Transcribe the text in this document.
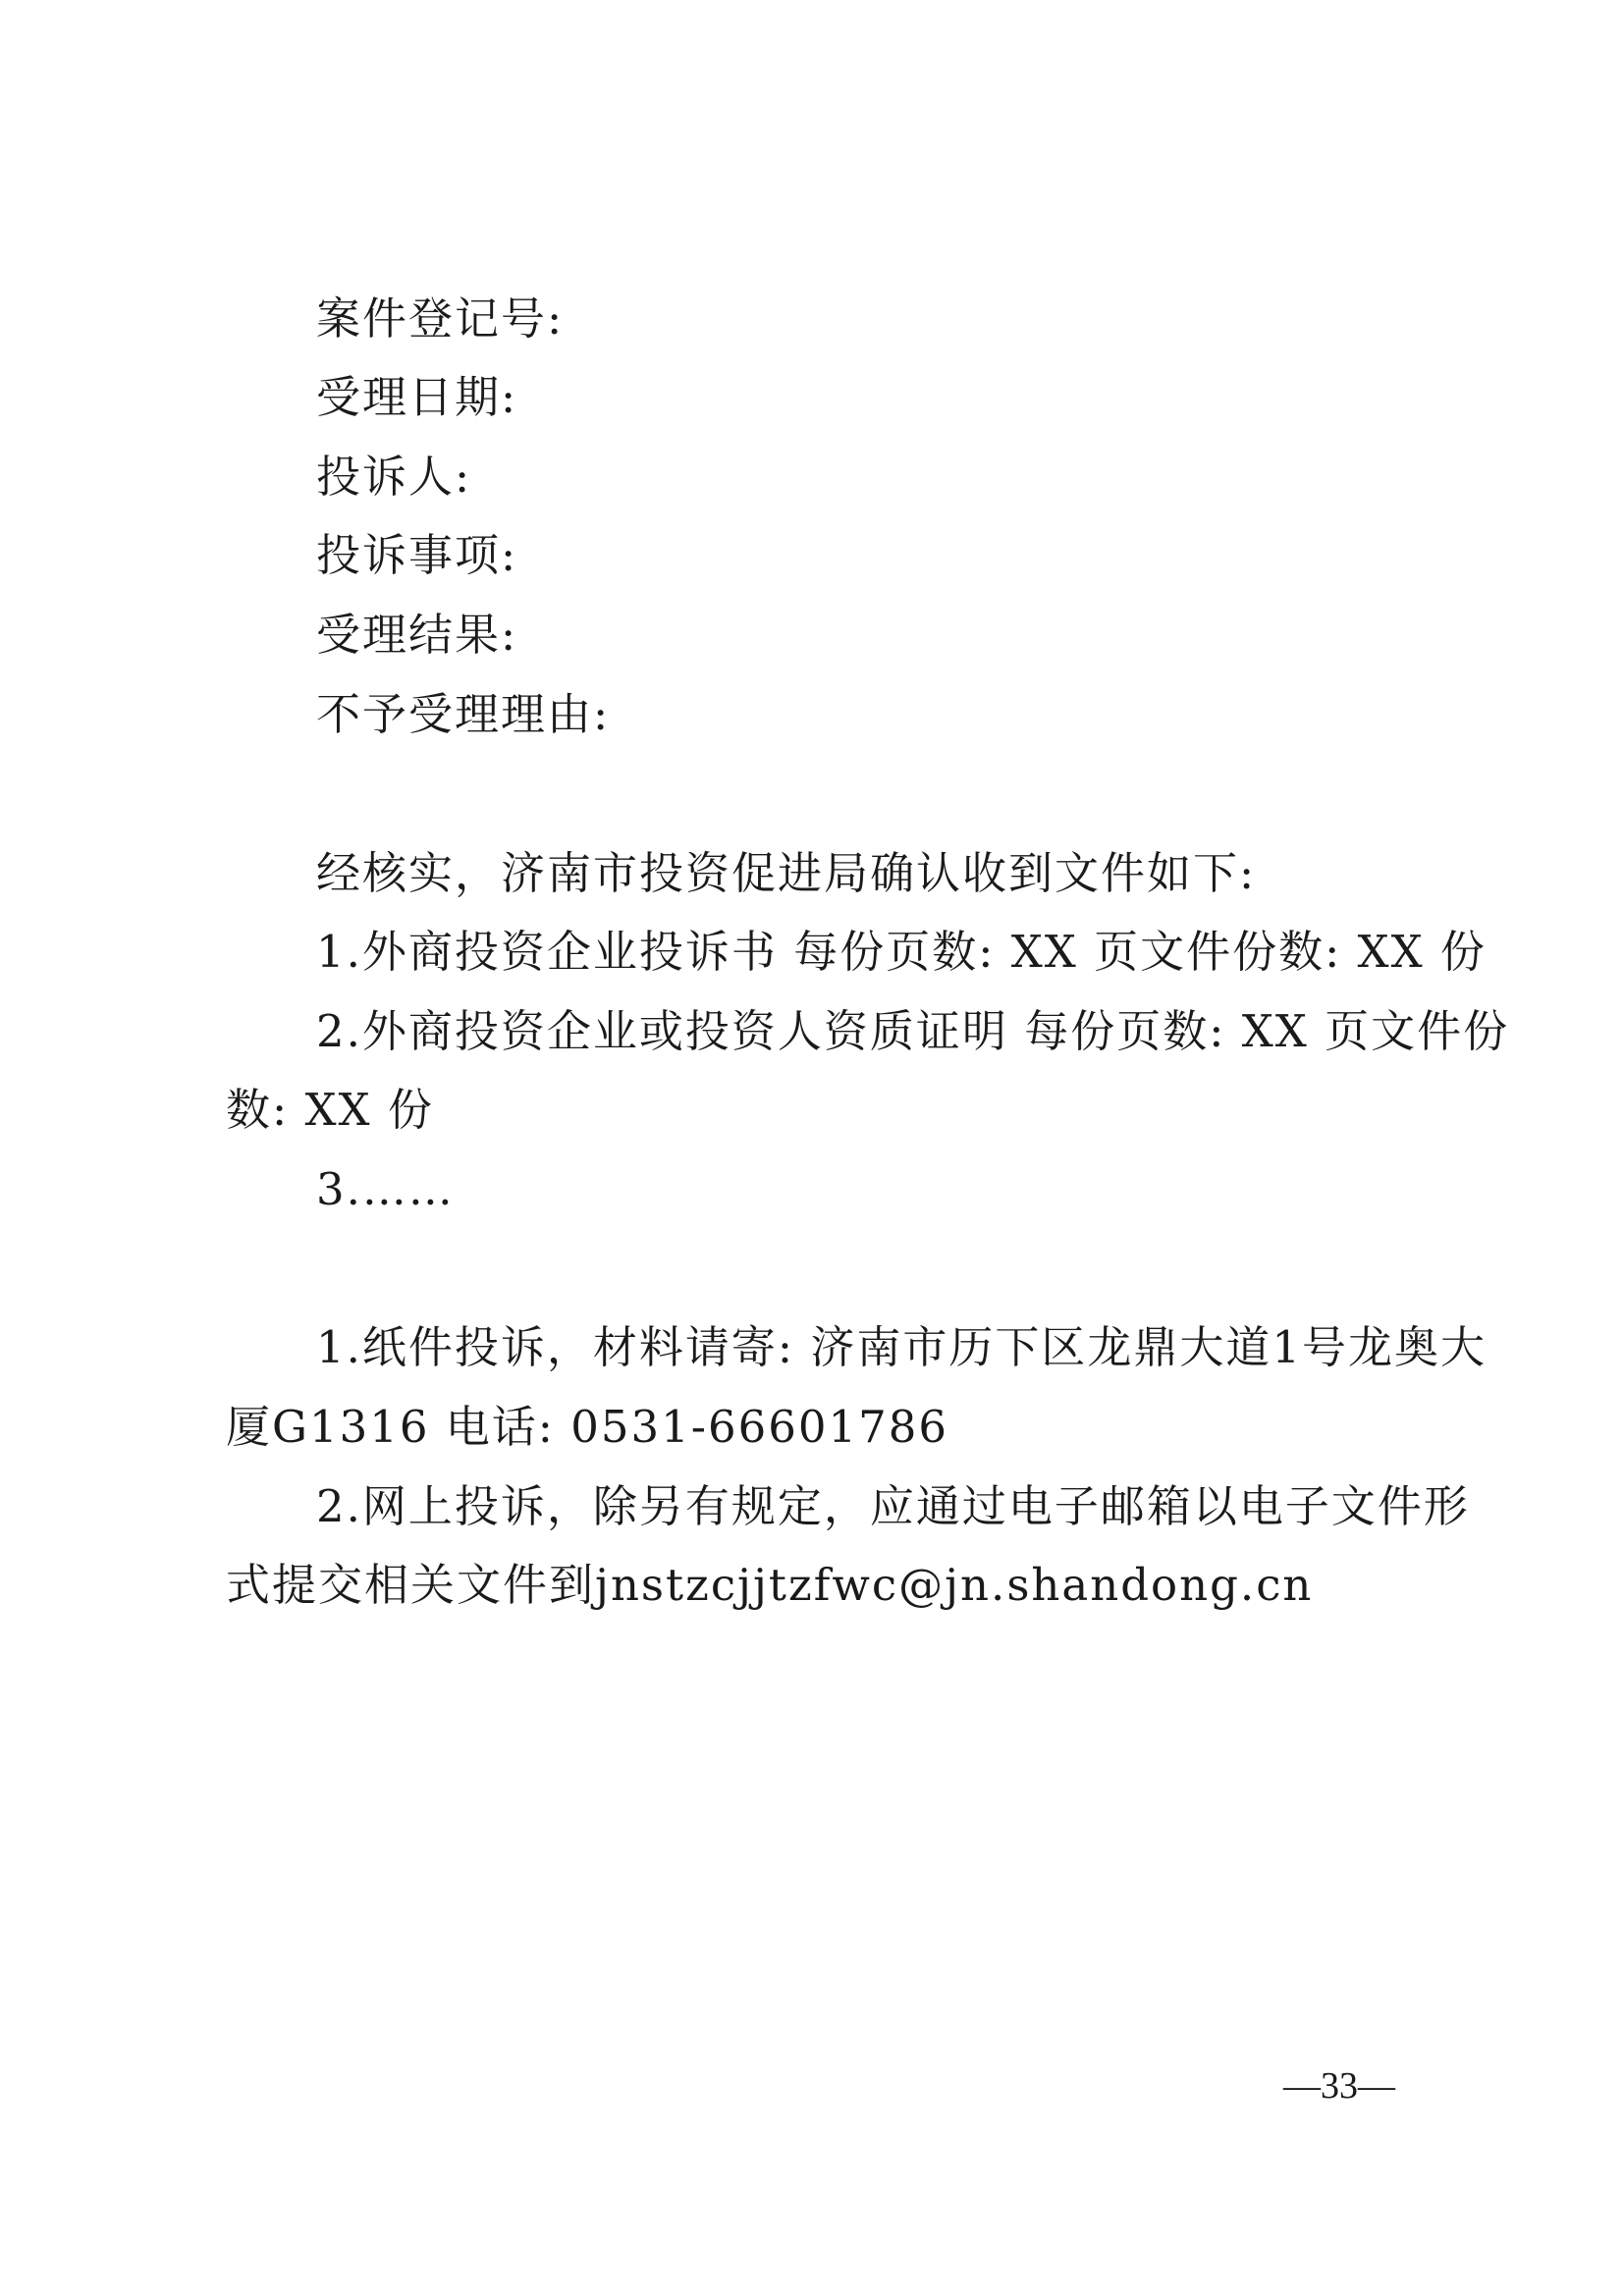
案件登记号:
受理日期:
投诉人:
投诉事项:
受理结果:
不予受理理由:
经核实，济南市投资促进局确认收到文件如下:
1.外商投资企业投诉书 每份页数: XX 页文件份数: XX 份
2.外商投资企业或投资人资质证明 每份页数: XX 页文件份
数: XX 份
3.……
1.纸件投诉，材料请寄: 济南市历下区龙鼎大道1号龙奥大
厦G1316 电话: 0531-66601786
2.网上投诉，除另有规定，应通过电子邮箱以电子文件形
式提交相关文件到jnstzcjjtzfwc@jn.shandong.cn
—33—
